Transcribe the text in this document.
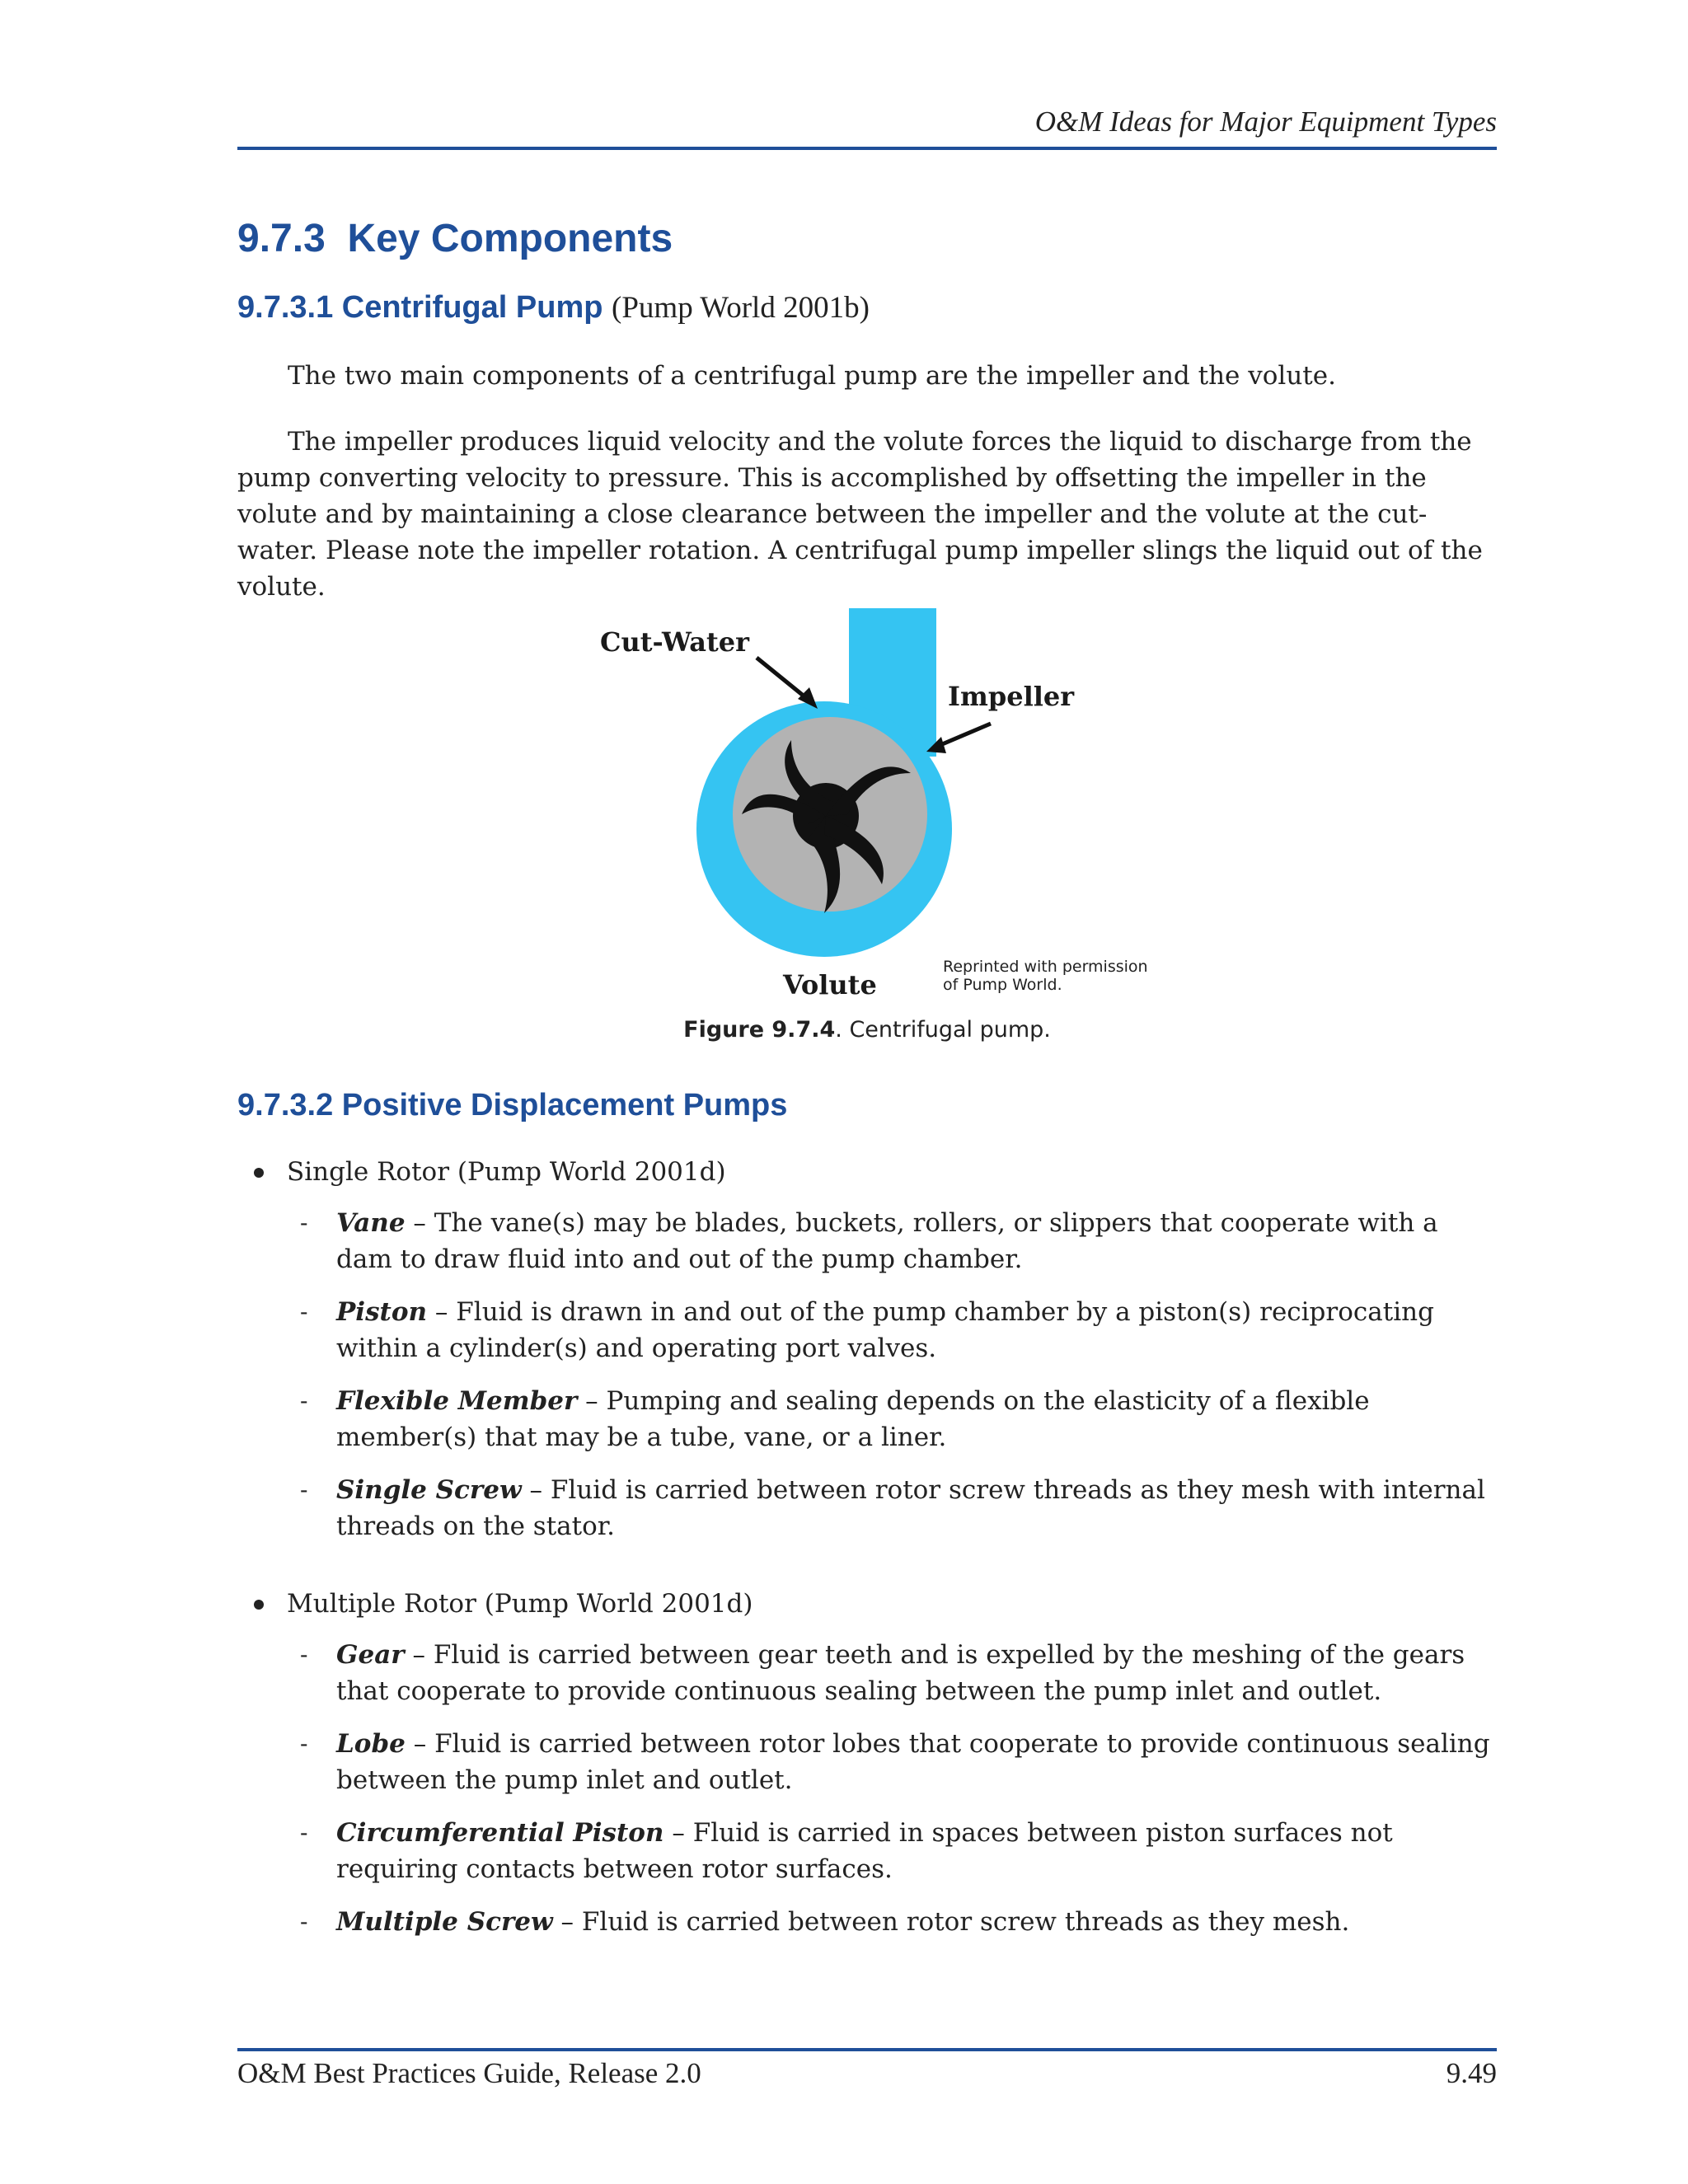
O&M Ideas for Major Equipment Types
9.7.3 Key Components
9.7.3.1 Centrifugal Pump (Pump World 2001b)

The two main components of a centrifugal pump are the impeller and the volute.

The impeller produces liquid velocity and the volute forces the liquid to discharge from the pump converting velocity to pressure. This is accomplished by offsetting the impeller in the volute and by maintaining a close clearance between the impeller and the volute at the cut-water. Please note the impeller rotation. A centrifugal pump impeller slings the liquid out of the volute.

Cut-Water
Impeller
Volute
Reprinted with permission
of Pump World.
Figure 9.7.4. Centrifugal pump.
9.7.3.2 Positive Displacement Pumps
Single Rotor (Pump World 2001d)
- Vane – The vane(s) may be blades, buckets, rollers, or slippers that cooperate with a dam to draw fluid into and out of the pump chamber.
- Piston – Fluid is drawn in and out of the pump chamber by a piston(s) reciprocating within a cylinder(s) and operating port valves.
- Flexible Member – Pumping and sealing depends on the elasticity of a flexible member(s) that may be a tube, vane, or a liner.
- Single Screw – Fluid is carried between rotor screw threads as they mesh with internal threads on the stator.
Multiple Rotor (Pump World 2001d)
- Gear – Fluid is carried between gear teeth and is expelled by the meshing of the gears that cooperate to provide continuous sealing between the pump inlet and outlet.
- Lobe – Fluid is carried between rotor lobes that cooperate to provide continuous sealing between the pump inlet and outlet.
- Circumferential Piston – Fluid is carried in spaces between piston surfaces not requiring contacts between rotor surfaces.
- Multiple Screw – Fluid is carried between rotor screw threads as they mesh.
O&M Best Practices Guide, Release 2.0	9.49
